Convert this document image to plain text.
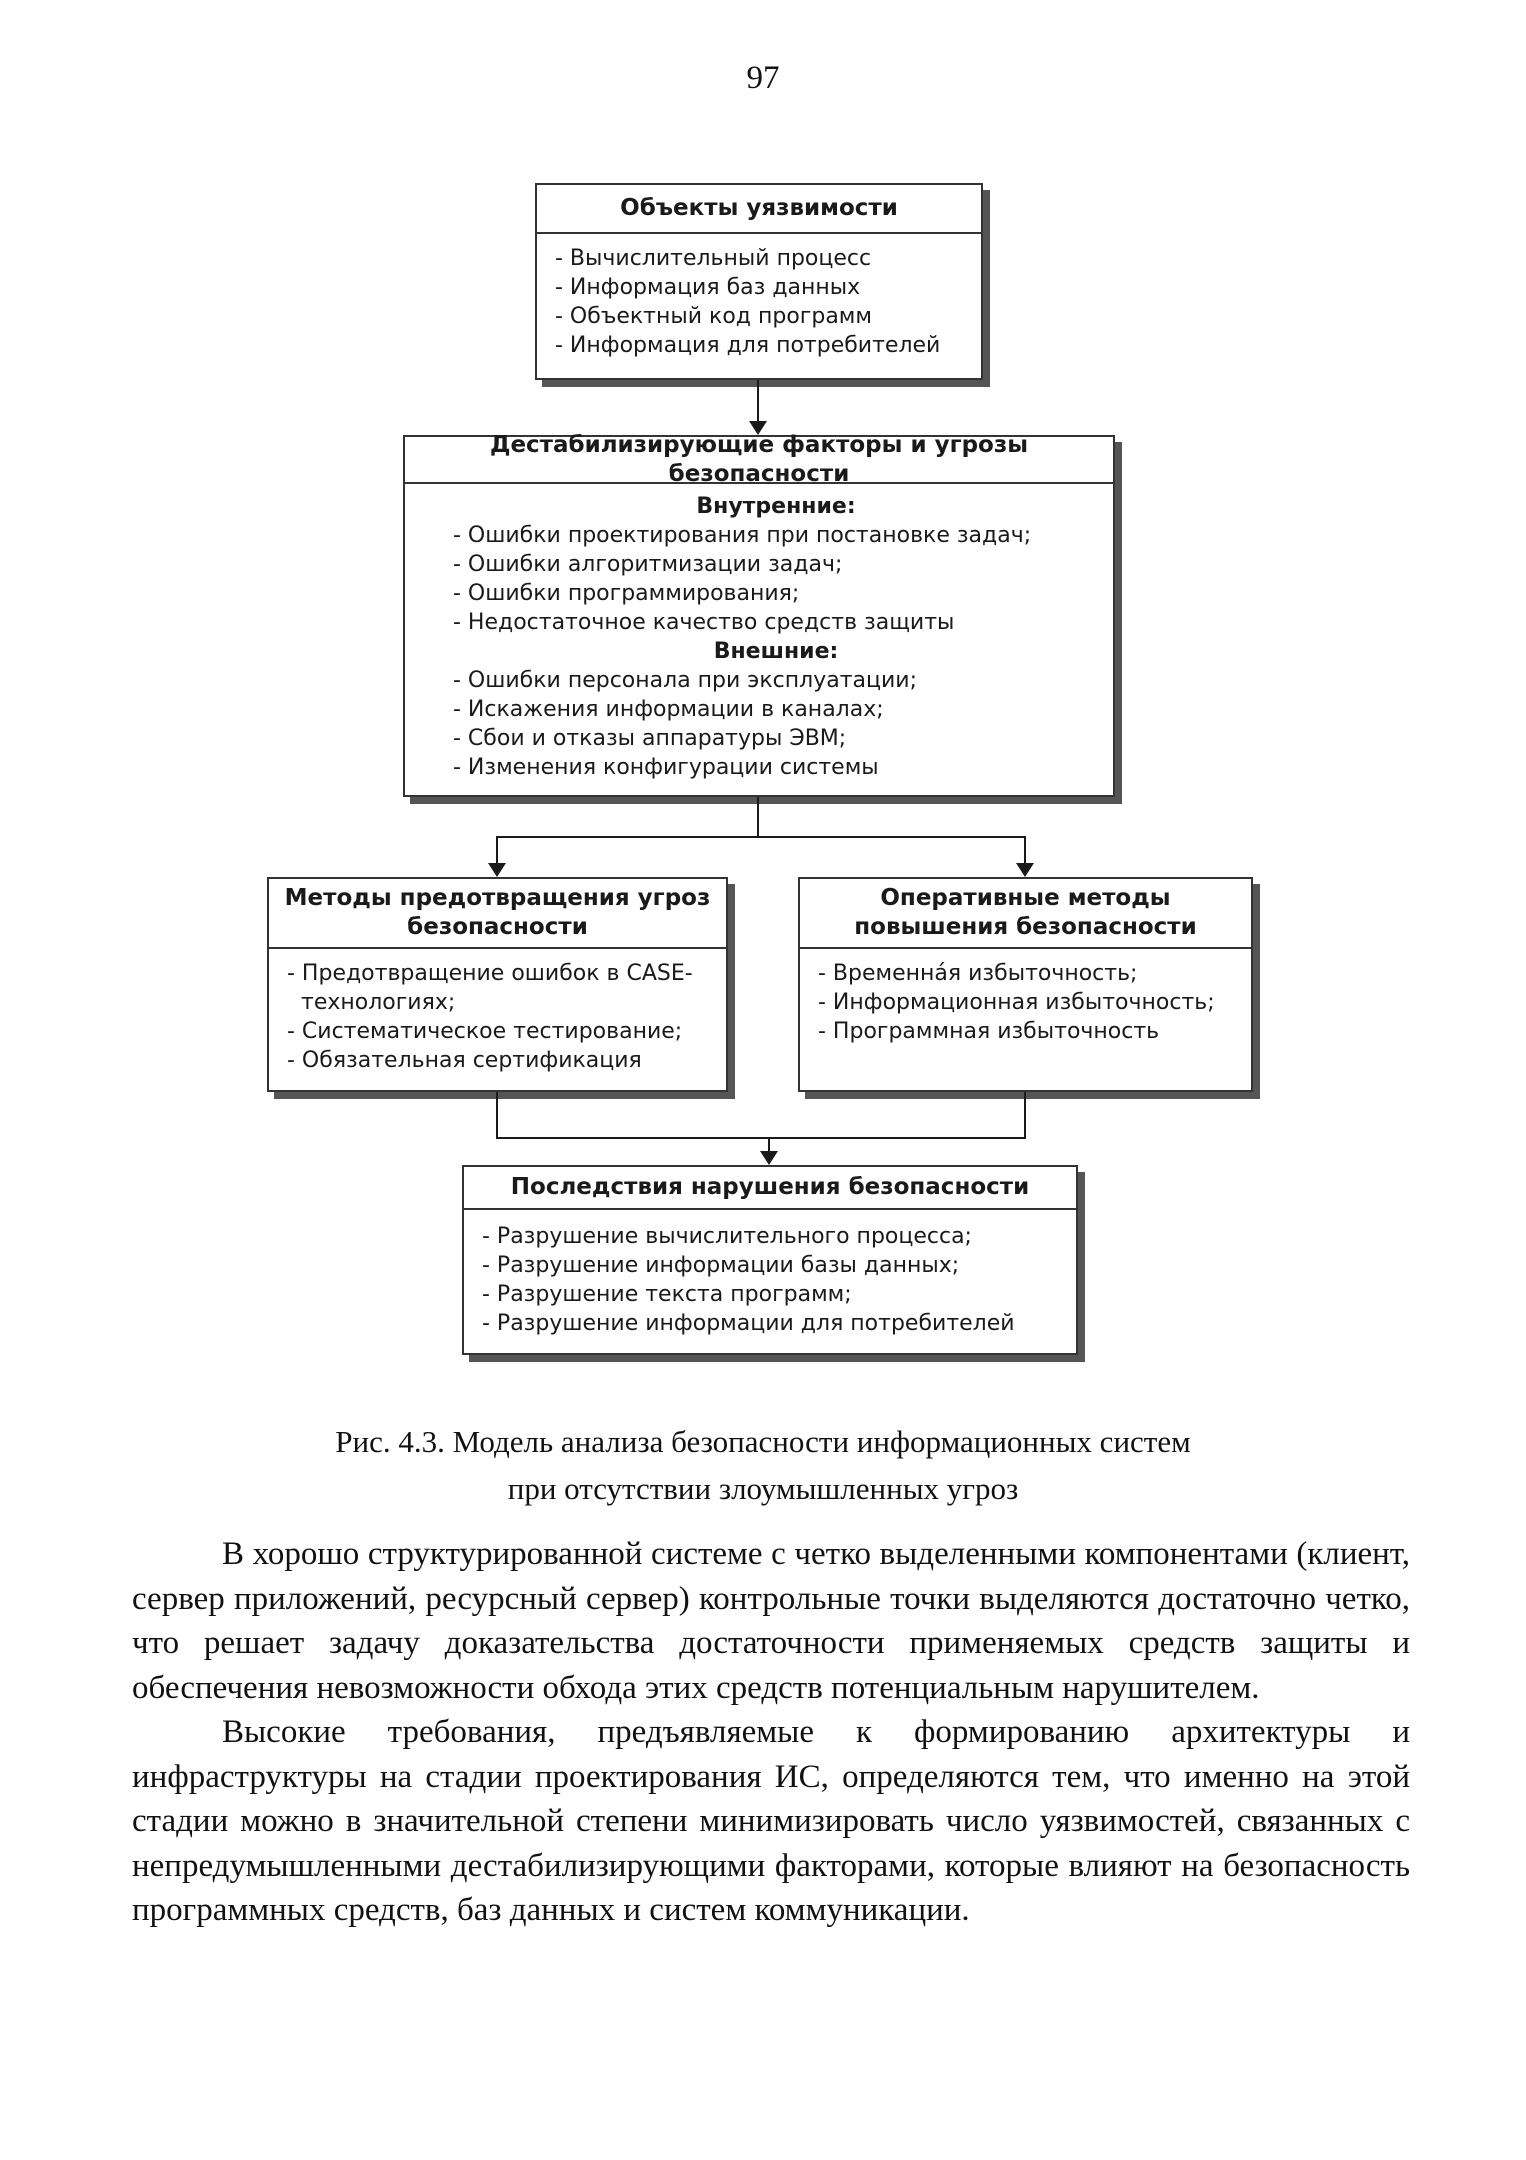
97
Объекты уязвимости
- Вычислительный процесс
- Информация баз данных
- Объектный код программ
- Информация для потребителей
Дестабилизирующие факторы и угрозы безопасности
Внутренние:
- Ошибки проектирования при постановке задач;
- Ошибки алгоритмизации задач;
- Ошибки программирования;
- Недостаточное качество средств защиты
Внешние:
- Ошибки персонала при эксплуатации;
- Искажения информации в каналах;
- Сбои и отказы аппаратуры ЭВМ;
- Изменения конфигурации системы
Методы предотвращения угроз безопасности
- Предотвращение ошибок в CASE-технологиях;
- Систематическое тестирование;
- Обязательная сертификация
Оперативные методы повышения безопасности
- Временна́я избыточность;
- Информационная избыточность;
- Программная избыточность
Последствия нарушения безопасности
- Разрушение вычислительного процесса;
- Разрушение информации базы данных;
- Разрушение текста программ;
- Разрушение информации для потребителей
Рис. 4.3. Модель анализа безопасности информационных систем
при отсутствии злоумышленных угроз

В хорошо структурированной системе с четко выделенными компонентами (клиент, сервер приложений, ресурсный сервер) контрольные точки выделяются достаточно четко, что решает задачу доказательства достаточности применяемых средств защиты и обеспечения невозможности обхода этих средств потенциальным нарушителем.

Высокие требования, предъявляемые к формированию архитектуры и инфраструктуры на стадии проектирования ИС, определяются тем, что именно на этой стадии можно в значительной степени минимизировать число уязвимостей, связанных с непредумышленными дестабилизирующими факторами, которые влияют на безопасность программных средств, баз данных и систем коммуникации.
